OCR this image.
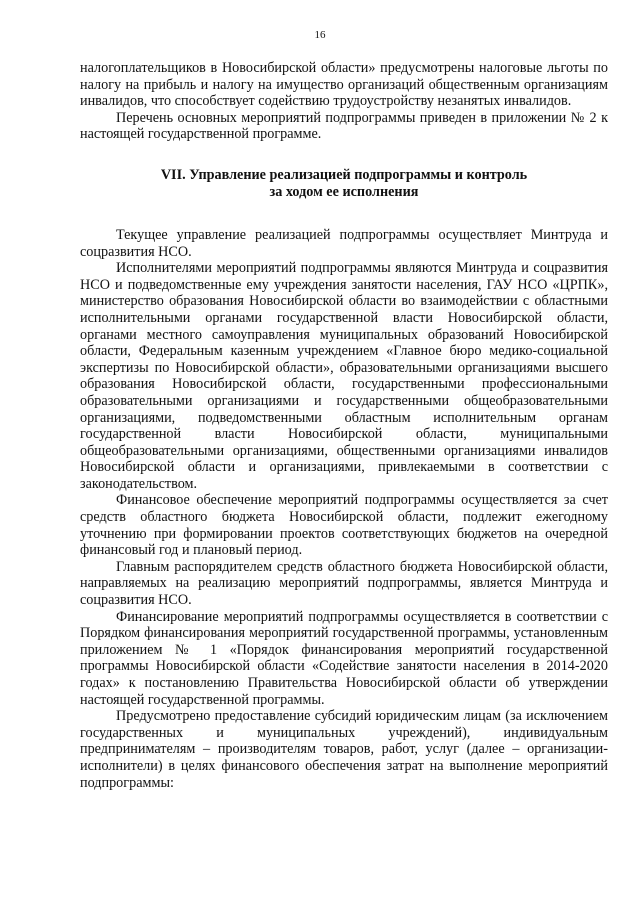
16

налогоплательщиков в Новосибирской области» предусмотрены налоговые льготы по налогу на прибыль и налогу на имущество организаций общественным организациям инвалидов, что способствует содействию трудоустройству незанятых инвалидов.

Перечень основных мероприятий подпрограммы приведен в приложении № 2 к настоящей государственной программе.

VII. Управление реализацией подпрограммы и контроль
за ходом ее исполнения

Текущее управление реализацией подпрограммы осуществляет Минтруда и соцразвития НСО.

Исполнителями мероприятий подпрограммы являются Минтруда и соцразвития НСО и подведомственные ему учреждения занятости населения, ГАУ НСО «ЦРПК», министерство образования Новосибирской области во взаимодействии с областными исполнительными органами государственной власти Новосибирской области, органами местного самоуправления муниципальных образований Новосибирской области, Федеральным казенным учреждением «Главное бюро медико-социальной экспертизы по Новосибирской области», образовательными организациями высшего образования Новосибирской области, государственными профессиональными образовательными организациями и государственными общеобразовательными организациями, подведомственными областным исполнительным органам государственной власти Новосибирской области, муниципальными общеобразовательными организациями, общественными организациями инвалидов Новосибирской области и организациями, привлекаемыми в соответствии с законодательством.

Финансовое обеспечение мероприятий подпрограммы осуществляется за счет средств областного бюджета Новосибирской области, подлежит ежегодному уточнению при формировании проектов соответствующих бюджетов на очередной финансовый год и плановый период.

Главным распорядителем средств областного бюджета Новосибирской области, направляемых на реализацию мероприятий подпрограммы, является Минтруда и соцразвития НСО.

Финансирование мероприятий подпрограммы осуществляется в соответствии с Порядком финансирования мероприятий государственной программы, установленным приложением № 1 «Порядок финансирования мероприятий государственной программы Новосибирской области «Содействие занятости населения в 2014-2020 годах» к постановлению Правительства Новосибирской области об утверждении настоящей государственной программы.

Предусмотрено предоставление субсидий юридическим лицам (за исключением государственных и муниципальных учреждений), индивидуальным предпринимателям – производителям товаров, работ, услуг (далее – организации-исполнители) в целях финансового обеспечения затрат на выполнение мероприятий подпрограммы:
